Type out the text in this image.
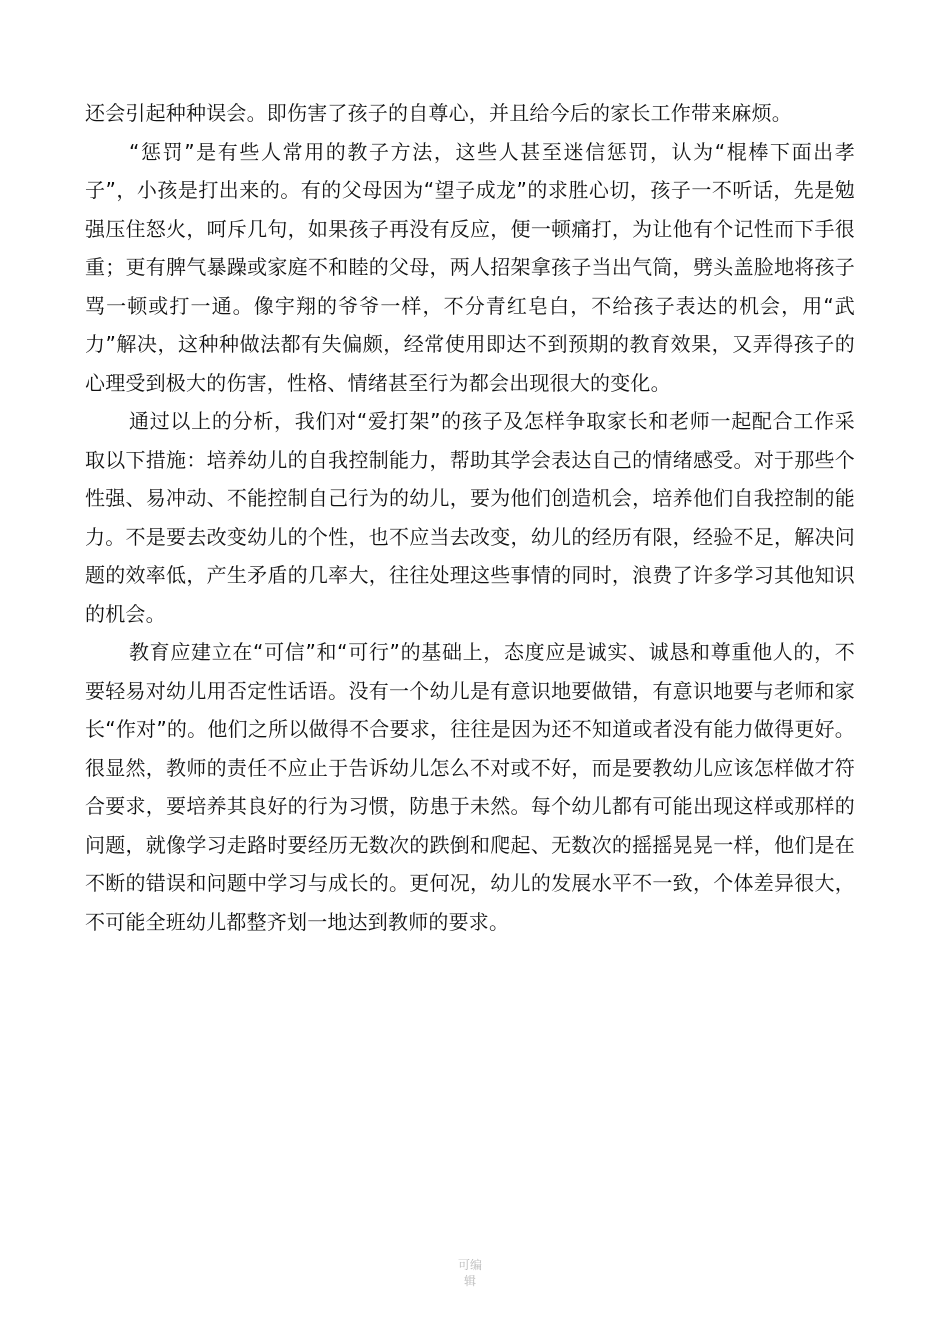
还会引起种种误会。即伤害了孩子的自尊心，并且给今后的家长工作带来麻烦。

“惩罚”是有些人常用的教子方法，这些人甚至迷信惩罚，认为“棍棒下面出孝子”，小孩是打出来的。有的父母因为“望子成龙”的求胜心切，孩子一不听话，先是勉强压住怒火，呵斥几句，如果孩子再没有反应，便一顿痛打，为让他有个记性而下手很重；更有脾气暴躁或家庭不和睦的父母，两人招架拿孩子当出气筒，劈头盖脸地将孩子骂一顿或打一通。像宇翔的爷爷一样，不分青红皂白，不给孩子表达的机会，用“武力”解决，这种种做法都有失偏颇，经常使用即达不到预期的教育效果，又弄得孩子的心理受到极大的伤害，性格、情绪甚至行为都会出现很大的变化。

通过以上的分析，我们对“爱打架”的孩子及怎样争取家长和老师一起配合工作采取以下措施：培养幼儿的自我控制能力，帮助其学会表达自己的情绪感受。对于那些个性强、易冲动、不能控制自己行为的幼儿，要为他们创造机会，培养他们自我控制的能力。不是要去改变幼儿的个性，也不应当去改变，幼儿的经历有限，经验不足，解决问题的效率低，产生矛盾的几率大，往往处理这些事情的同时，浪费了许多学习其他知识的机会。

教育应建立在“可信”和“可行”的基础上，态度应是诚实、诚恳和尊重他人的，不要轻易对幼儿用否定性话语。没有一个幼儿是有意识地要做错，有意识地要与老师和家长“作对”的。他们之所以做得不合要求，往往是因为还不知道或者没有能力做得更好。很显然，教师的责任不应止于告诉幼儿怎么不对或不好，而是要教幼儿应该怎样做才符合要求，要培养其良好的行为习惯，防患于未然。每个幼儿都有可能出现这样或那样的问题，就像学习走路时要经历无数次的跌倒和爬起、无数次的摇摇晃晃一样，他们是在不断的错误和问题中学习与成长的。更何况，幼儿的发展水平不一致，个体差异很大，不可能全班幼儿都整齐划一地达到教师的要求。

可编辑
